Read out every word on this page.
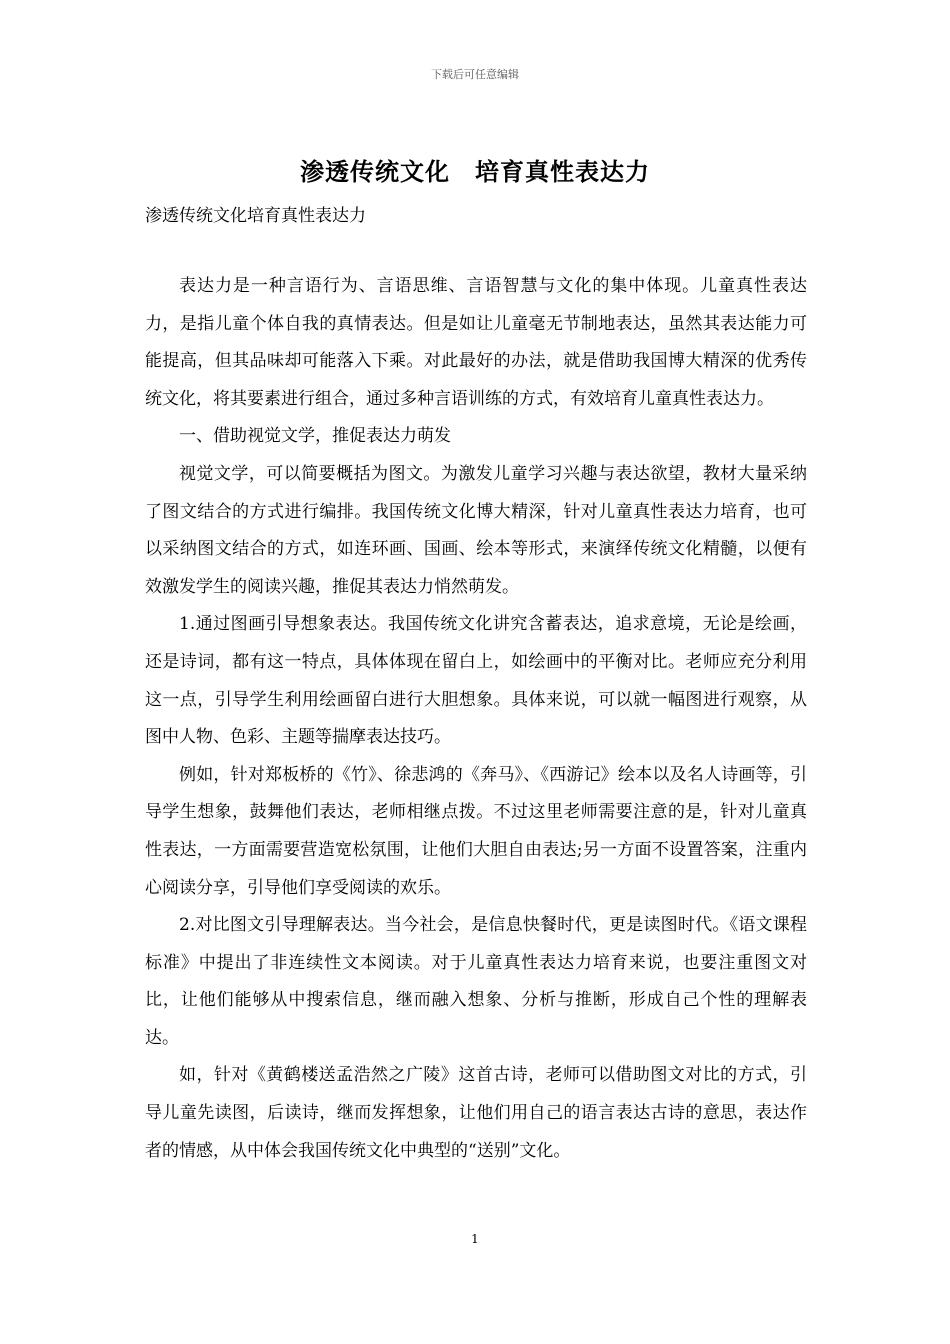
下载后可任意编辑
渗透传统文化　培育真性表达力
渗透传统文化培育真性表达力

表达力是一种言语行为、言语思维、言语智慧与文化的集中体现。儿童真性表达力，是指儿童个体自我的真情表达。但是如让儿童毫无节制地表达，虽然其表达能力可能提高，但其品味却可能落入下乘。对此最好的办法，就是借助我国博大精深的优秀传统文化，将其要素进行组合，通过多种言语训练的方式，有效培育儿童真性表达力。

一、借助视觉文学，推促表达力萌发

视觉文学，可以简要概括为图文。为激发儿童学习兴趣与表达欲望，教材大量采纳了图文结合的方式进行编排。我国传统文化博大精深，针对儿童真性表达力培育，也可以采纳图文结合的方式，如连环画、国画、绘本等形式，来演绎传统文化精髓，以便有效激发学生的阅读兴趣，推促其表达力悄然萌发。

1.通过图画引导想象表达。我国传统文化讲究含蓄表达，追求意境，无论是绘画，还是诗词，都有这一特点，具体体现在留白上，如绘画中的平衡对比。老师应充分利用这一点，引导学生利用绘画留白进行大胆想象。具体来说，可以就一幅图进行观察，从图中人物、色彩、主题等揣摩表达技巧。

例如，针对郑板桥的《竹》、徐悲鸿的《奔马》、《西游记》绘本以及名人诗画等，引导学生想象，鼓舞他们表达，老师相继点拨。不过这里老师需要注意的是，针对儿童真性表达，一方面需要营造宽松氛围，让他们大胆自由表达;另一方面不设置答案，注重内心阅读分享，引导他们享受阅读的欢乐。

2.对比图文引导理解表达。当今社会，是信息快餐时代，更是读图时代。《语文课程标准》中提出了非连续性文本阅读。对于儿童真性表达力培育来说，也要注重图文对比，让他们能够从中搜索信息，继而融入想象、分析与推断，形成自己个性的理解表达。

如，针对《黄鹤楼送孟浩然之广陵》这首古诗，老师可以借助图文对比的方式，引导儿童先读图，后读诗，继而发挥想象，让他们用自己的语言表达古诗的意思，表达作者的情感，从中体会我国传统文化中典型的“送别”文化。

1
